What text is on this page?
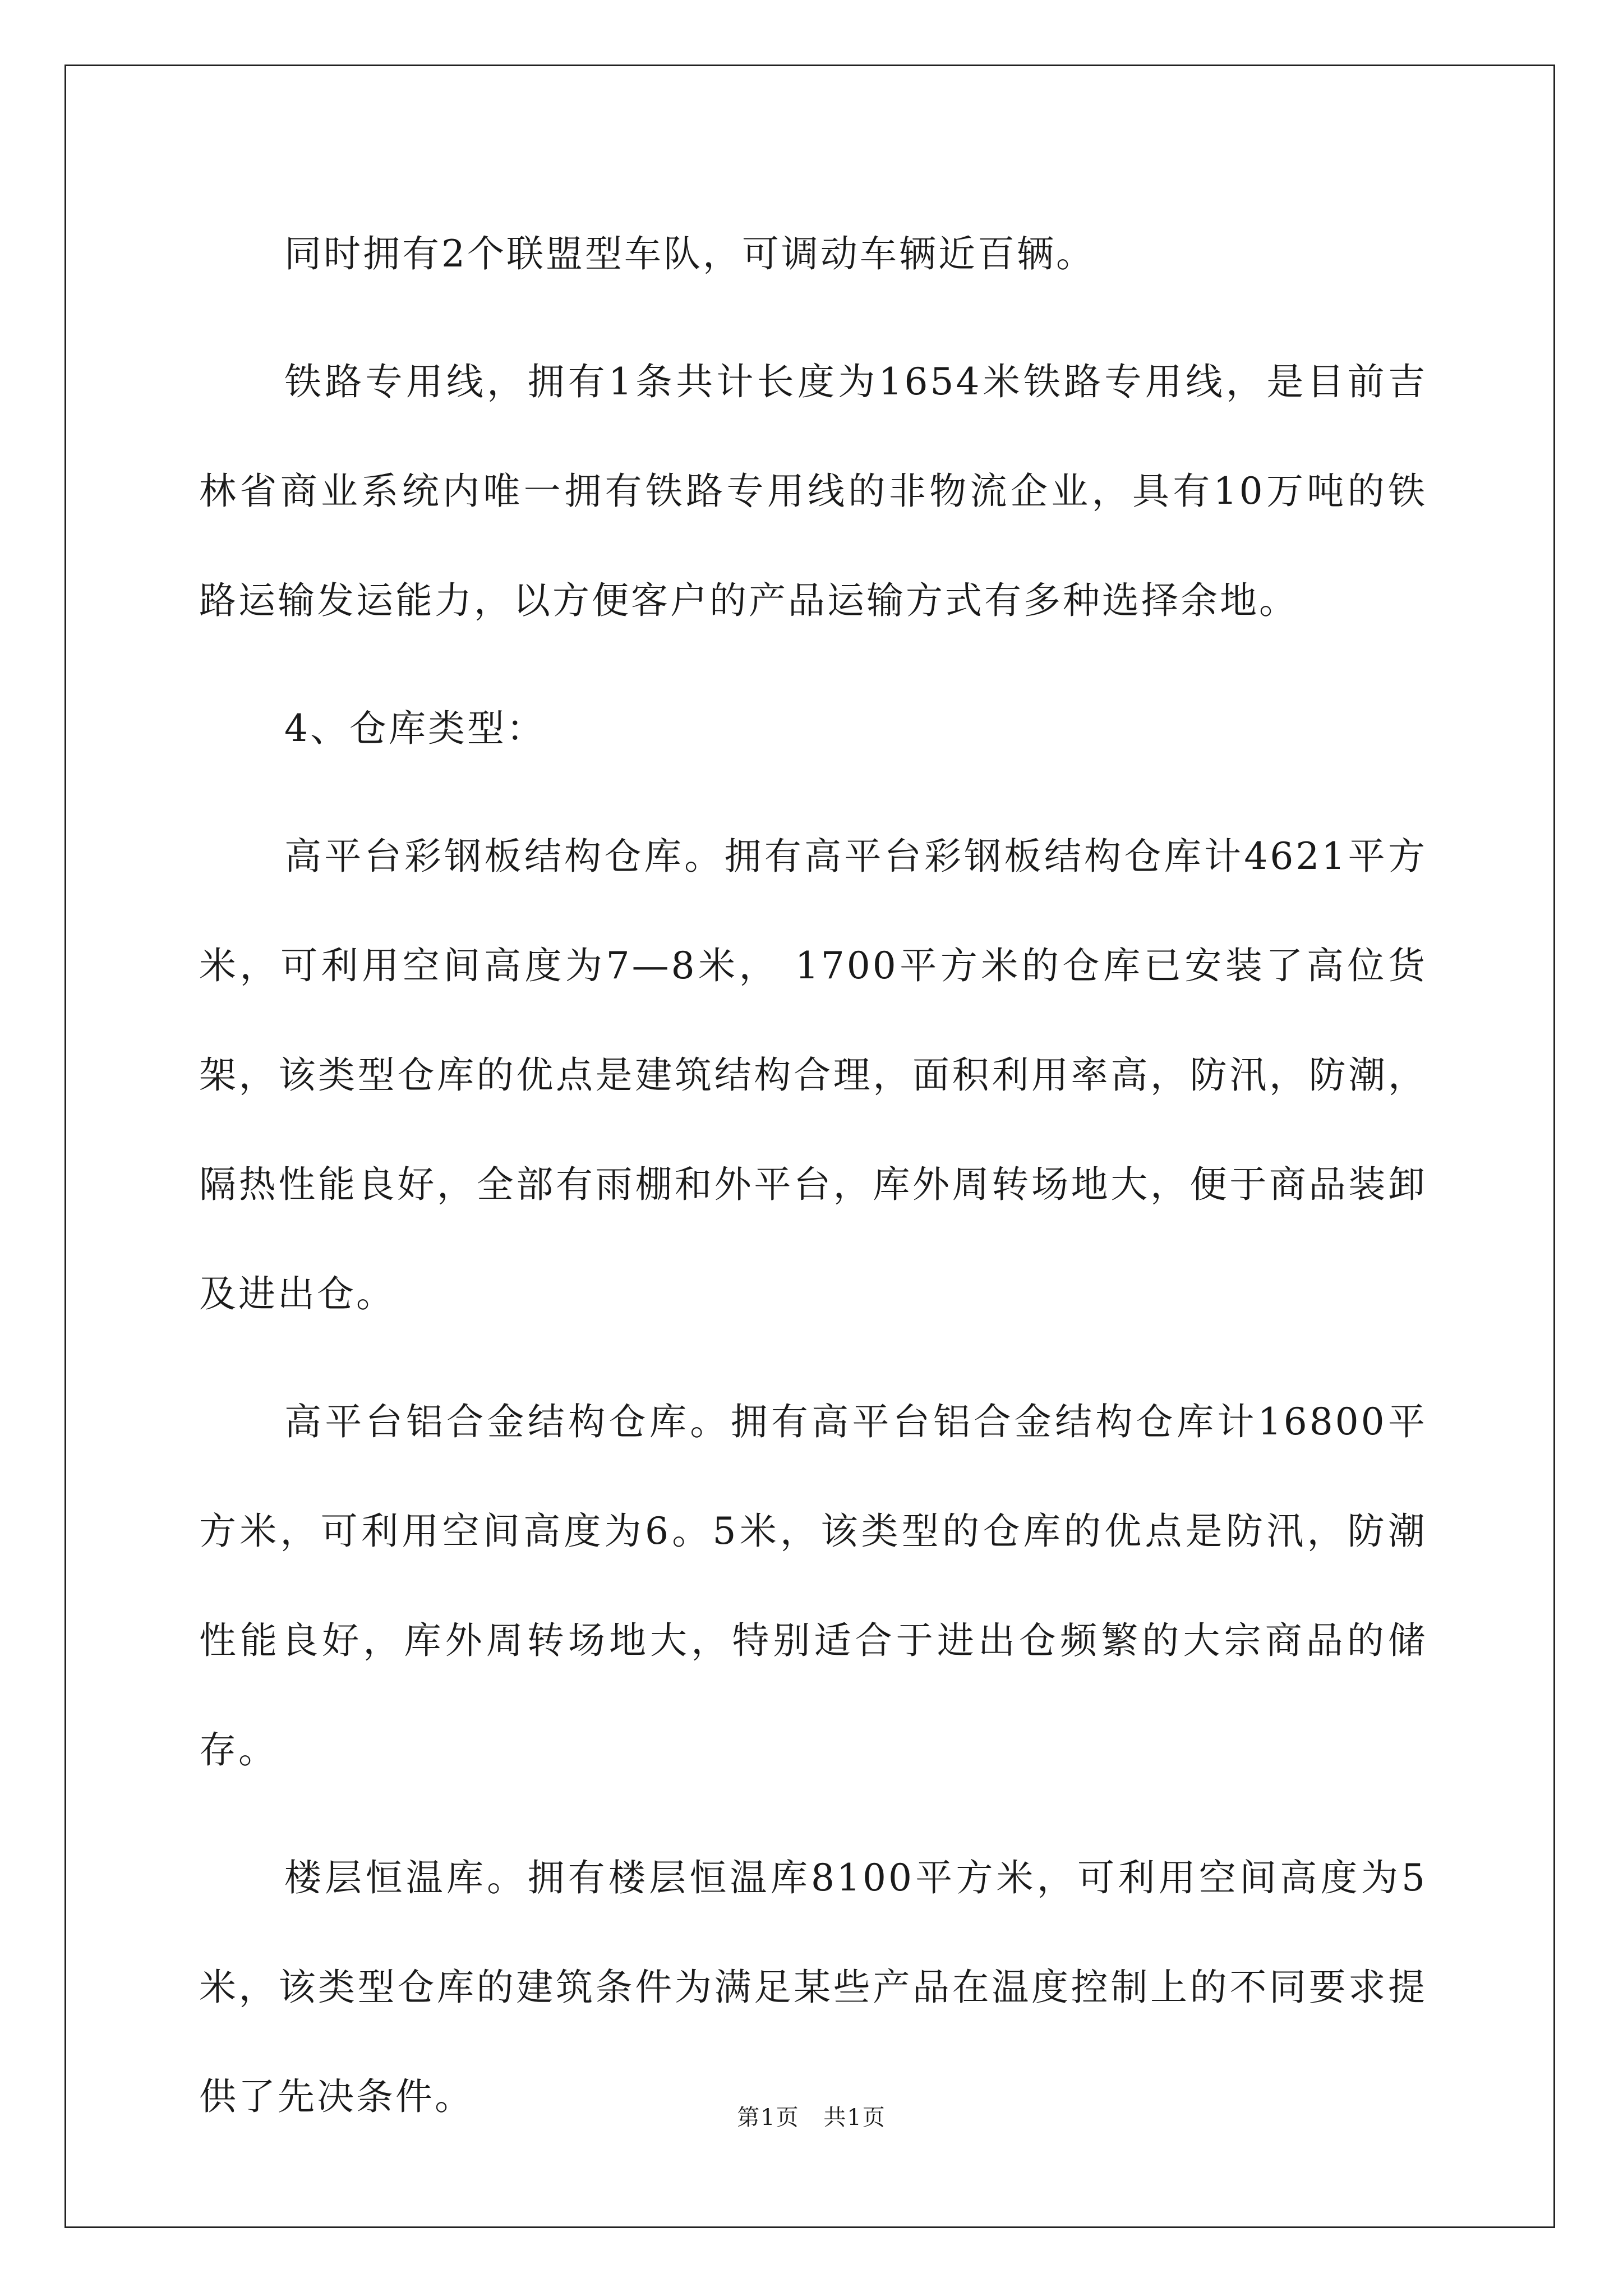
同时拥有2个联盟型车队，可调动车辆近百辆。

铁路专用线，拥有1条共计长度为1654米铁路专用线，是目前吉林省商业系统内唯一拥有铁路专用线的非物流企业，具有10万吨的铁路运输发运能力，以方便客户的产品运输方式有多种选择余地。

4、仓库类型：

高平台彩钢板结构仓库。拥有高平台彩钢板结构仓库计4621平方米，可利用空间高度为7—8米， 1700平方米的仓库已安装了高位货架，该类型仓库的优点是建筑结构合理，面积利用率高，防汛，防潮，隔热性能良好，全部有雨棚和外平台，库外周转场地大，便于商品装卸及进出仓。

高平台铝合金结构仓库。拥有高平台铝合金结构仓库计16800平方米，可利用空间高度为6。5米，该类型的仓库的优点是防汛，防潮性能良好，库外周转场地大，特别适合于进出仓频繁的大宗商品的储存。

楼层恒温库。拥有楼层恒温库8100平方米，可利用空间高度为5米，该类型仓库的建筑条件为满足某些产品在温度控制上的不同要求提供了先决条件。	第1页 共1页
